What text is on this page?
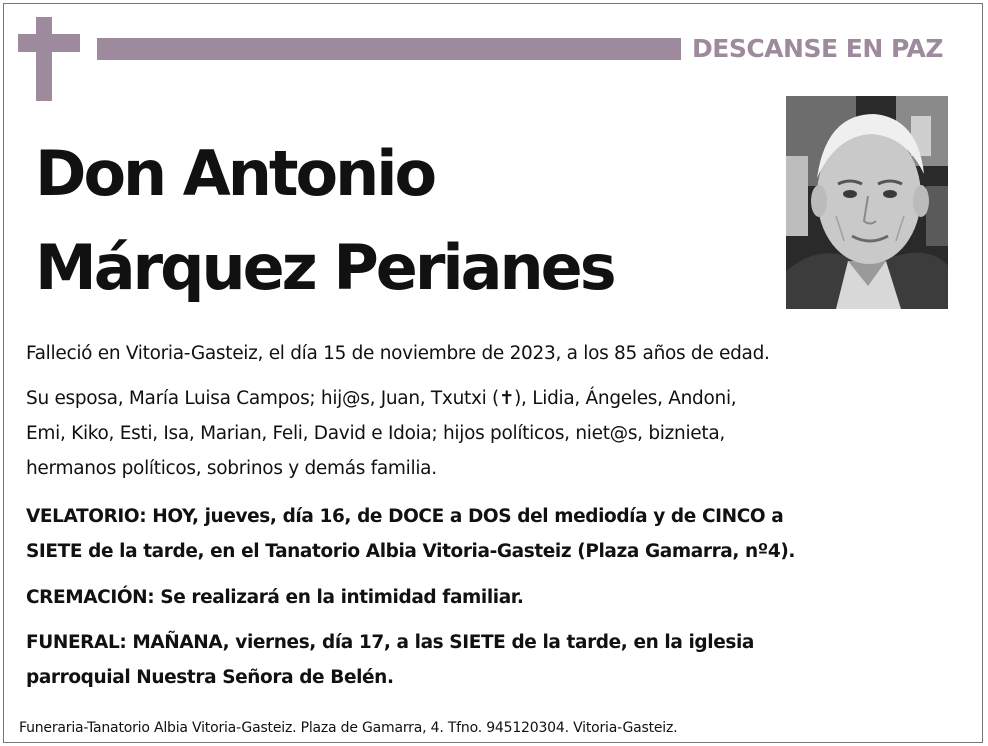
DESCANSE EN PAZ
Don Antonio
Márquez Perianes
Falleció en Vitoria-Gasteiz, el día 15 de noviembre de 2023, a los 85 años de edad.
Su esposa, María Luisa Campos; hij@s, Juan, Txutxi (✝), Lidia, Ángeles, Andoni,
Emi, Kiko, Esti, Isa, Marian, Feli, David e Idoia; hijos políticos, niet@s, biznieta,
hermanos políticos, sobrinos y demás familia.
VELATORIO: HOY, jueves, día 16, de DOCE a DOS del mediodía y de CINCO a
SIETE de la tarde, en el Tanatorio Albia Vitoria-Gasteiz (Plaza Gamarra, nº4).
CREMACIÓN: Se realizará en la intimidad familiar.
FUNERAL: MAÑANA, viernes, día 17, a las SIETE de la tarde, en la iglesia
parroquial Nuestra Señora de Belén.
Funeraria-Tanatorio Albia Vitoria-Gasteiz. Plaza de Gamarra, 4. Tfno. 945120304. Vitoria-Gasteiz.
